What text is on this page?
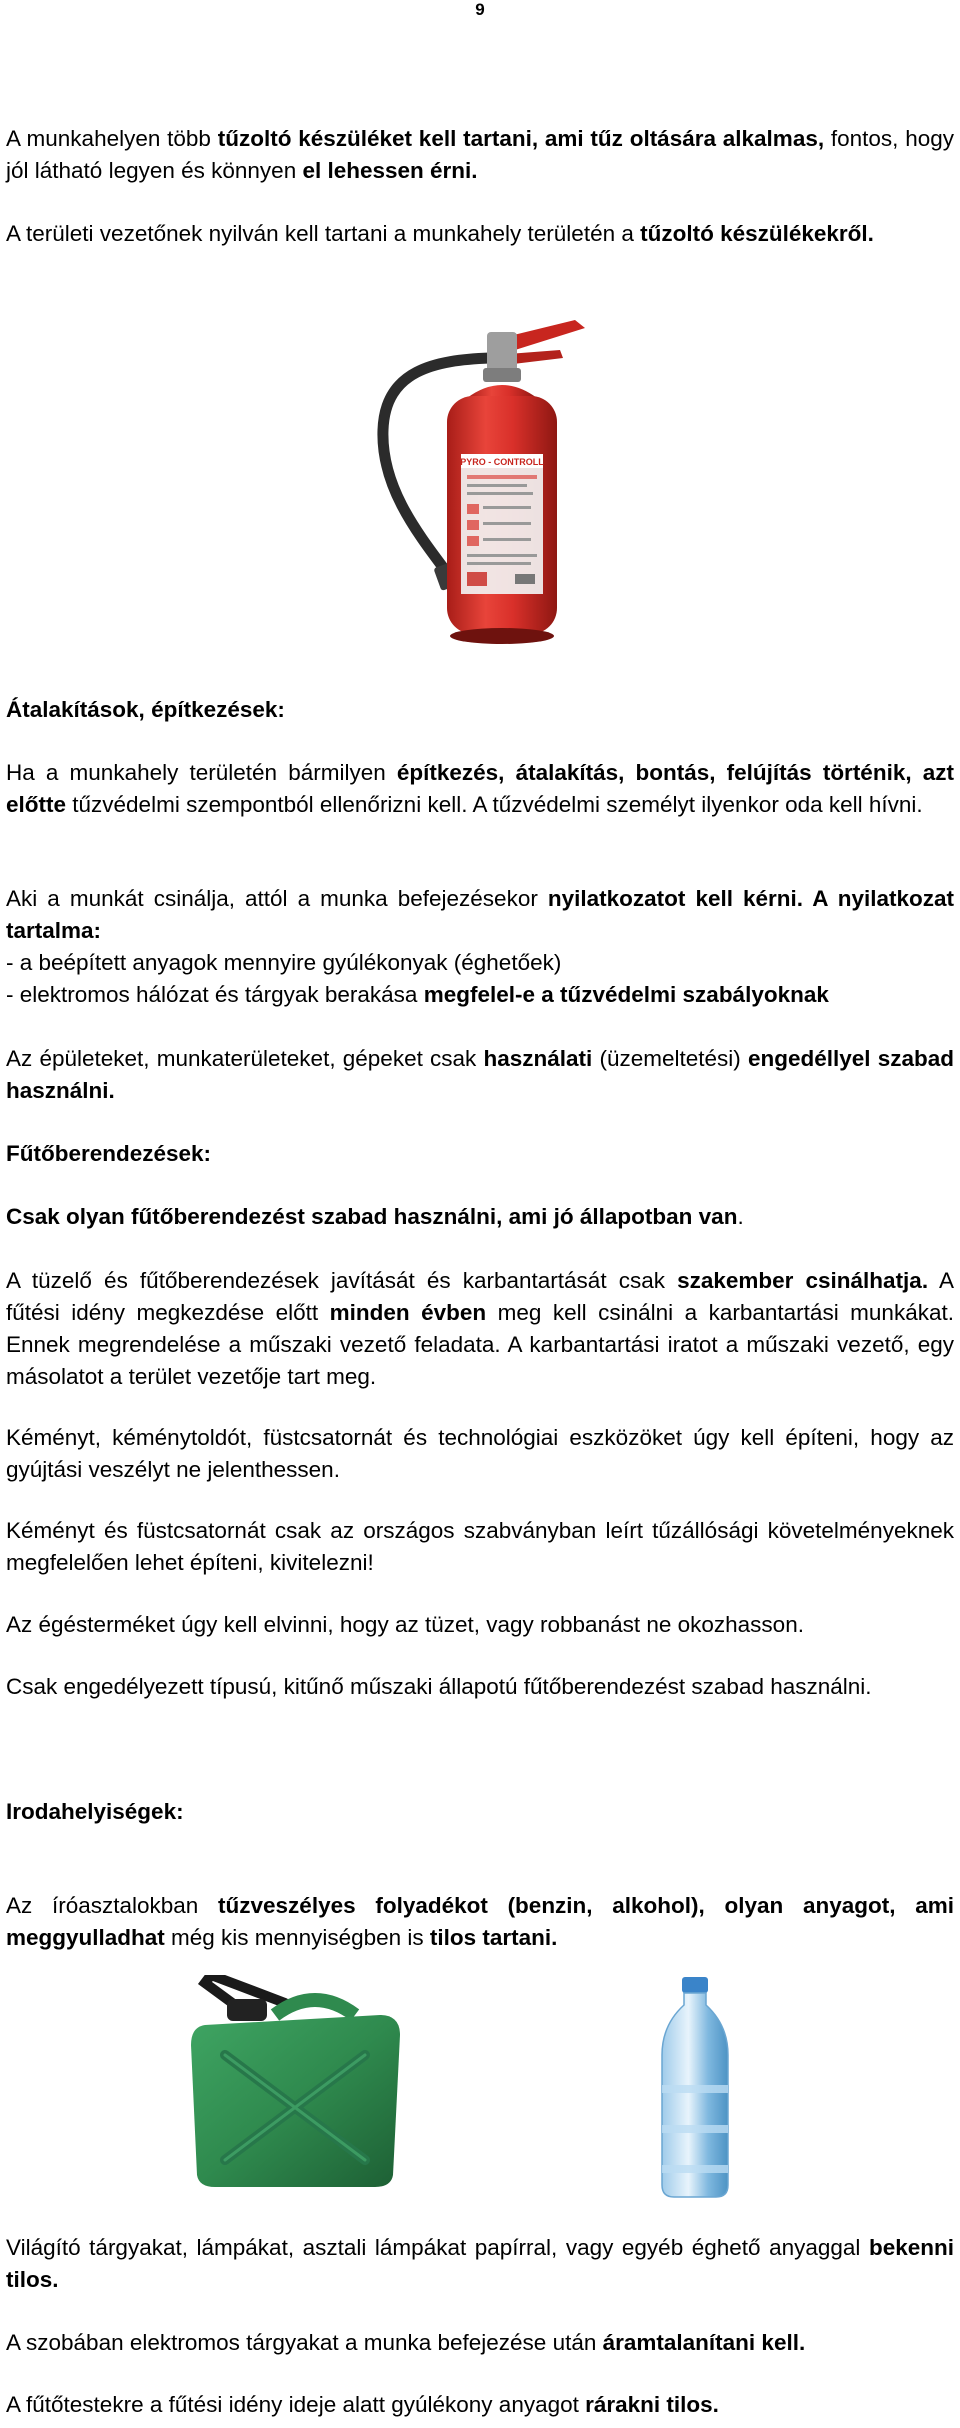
9
A munkahelyen több tűzoltó készüléket kell tartani, ami tűz oltására alkalmas, fontos, hogy jól látható legyen és könnyen el lehessen érni.
A területi vezetőnek nyilván kell tartani a munkahely területén a tűzoltó készülékekről.
PYRO - CONTROLL
Átalakítások, építkezések:
Ha a munkahely területén bármilyen építkezés, átalakítás, bontás, felújítás történik, azt előtte tűzvédelmi szempontból ellenőrizni kell. A tűzvédelmi személyt ilyenkor oda kell hívni.
Aki a munkát csinálja, attól a munka befejezésekor nyilatkozatot kell kérni. A nyilatkozat tartalma:
- a beépített anyagok mennyire gyúlékonyak (éghetőek)
- elektromos hálózat és tárgyak berakása megfelel-e a tűzvédelmi szabályoknak
Az épületeket, munkaterületeket, gépeket csak használati (üzemeltetési) engedéllyel szabad használni.
Fűtőberendezések:
Csak olyan fűtőberendezést szabad használni, ami jó állapotban van.
A tüzelő és fűtőberendezések javítását és karbantartását csak szakember csinálhatja. A fűtési idény megkezdése előtt minden évben meg kell csinálni a karbantartási munkákat. Ennek megrendelése a műszaki vezető feladata. A karbantartási iratot a műszaki vezető, egy másolatot a terület vezetője tart meg.
Kéményt, kéménytoldót, füstcsatornát és technológiai eszközöket úgy kell építeni, hogy az gyújtási veszélyt ne jelenthessen.
Kéményt és füstcsatornát csak az országos szabványban leírt tűzállósági követelményeknek megfelelően lehet építeni, kivitelezni!
Az égésterméket úgy kell elvinni, hogy az tüzet, vagy robbanást ne okozhasson.
Csak engedélyezett típusú, kitűnő műszaki állapotú fűtőberendezést szabad használni.
Irodahelyiségek:
Az íróasztalokban tűzveszélyes folyadékot (benzin, alkohol), olyan anyagot, ami meggyulladhat még kis mennyiségben is tilos tartani.
Világító tárgyakat, lámpákat, asztali lámpákat papírral, vagy egyéb éghető anyaggal bekenni tilos.
A szobában elektromos tárgyakat a munka befejezése után áramtalanítani kell.
A fűtőtestekre a fűtési idény ideje alatt gyúlékony anyagot rárakni tilos.
